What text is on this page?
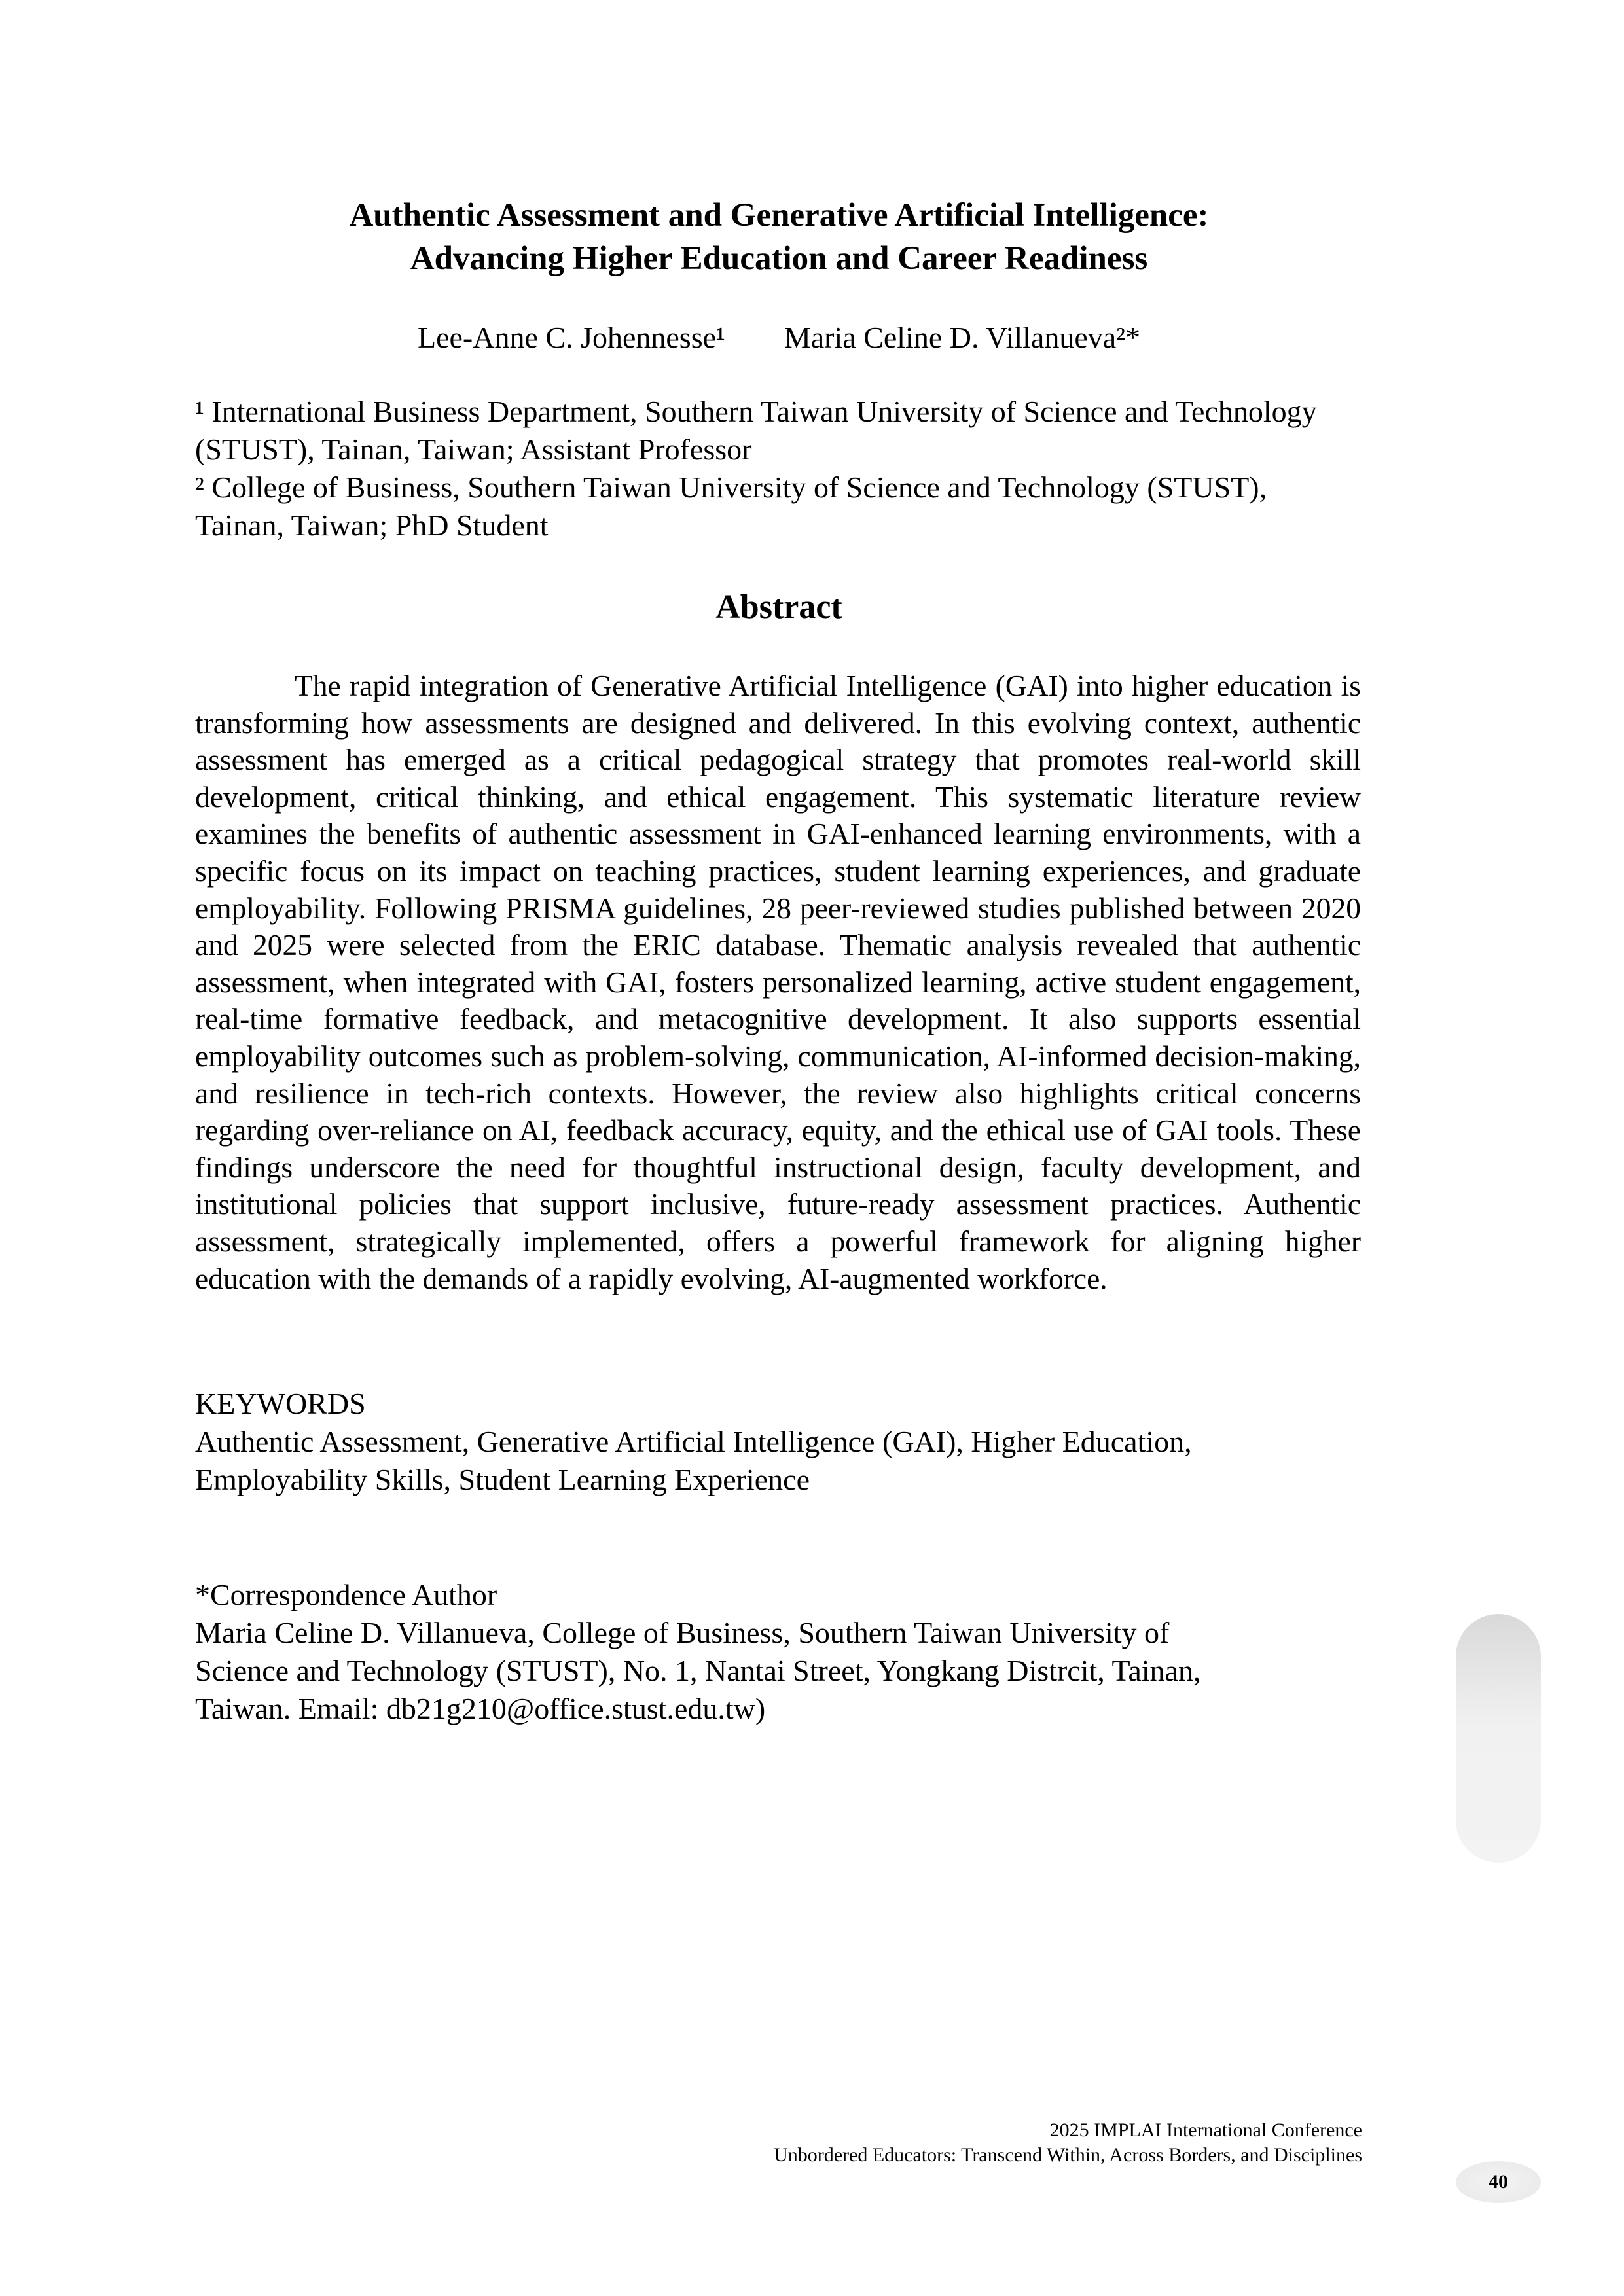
Authentic Assessment and Generative Artificial Intelligence:
Advancing Higher Education and Career Readiness
Lee-Anne C. Johennesse¹ Maria Celine D. Villanueva²*
¹ International Business Department, Southern Taiwan University of Science and Technology (STUST), Tainan, Taiwan; Assistant Professor
² College of Business, Southern Taiwan University of Science and Technology (STUST), Tainan, Taiwan; PhD Student
Abstract
The rapid integration of Generative Artificial Intelligence (GAI) into higher education is transforming how assessments are designed and delivered. In this evolving context, authentic assessment has emerged as a critical pedagogical strategy that promotes real-world skill development, critical thinking, and ethical engagement. This systematic literature review examines the benefits of authentic assessment in GAI-enhanced learning environments, with a specific focus on its impact on teaching practices, student learning experiences, and graduate employability. Following PRISMA guidelines, 28 peer-reviewed studies published between 2020 and 2025 were selected from the ERIC database. Thematic analysis revealed that authentic assessment, when integrated with GAI, fosters personalized learning, active student engagement, real-time formative feedback, and metacognitive development. It also supports essential employability outcomes such as problem-solving, communication, AI-informed decision-making, and resilience in tech-rich contexts. However, the review also highlights critical concerns regarding over-reliance on AI, feedback accuracy, equity, and the ethical use of GAI tools. These findings underscore the need for thoughtful instructional design, faculty development, and institutional policies that support inclusive, future-ready assessment practices. Authentic assessment, strategically implemented, offers a powerful framework for aligning higher education with the demands of a rapidly evolving, AI-augmented workforce.
KEYWORDS
Authentic Assessment, Generative Artificial Intelligence (GAI), Higher Education, Employability Skills, Student Learning Experience
*Correspondence Author
Maria Celine D. Villanueva, College of Business, Southern Taiwan University of
Science and Technology (STUST), No. 1, Nantai Street, Yongkang Distrcit, Tainan,
Taiwan. Email: db21g210@office.stust.edu.tw)
2025 IMPLAI International Conference
Unbordered Educators: Transcend Within, Across Borders, and Disciplines
40
